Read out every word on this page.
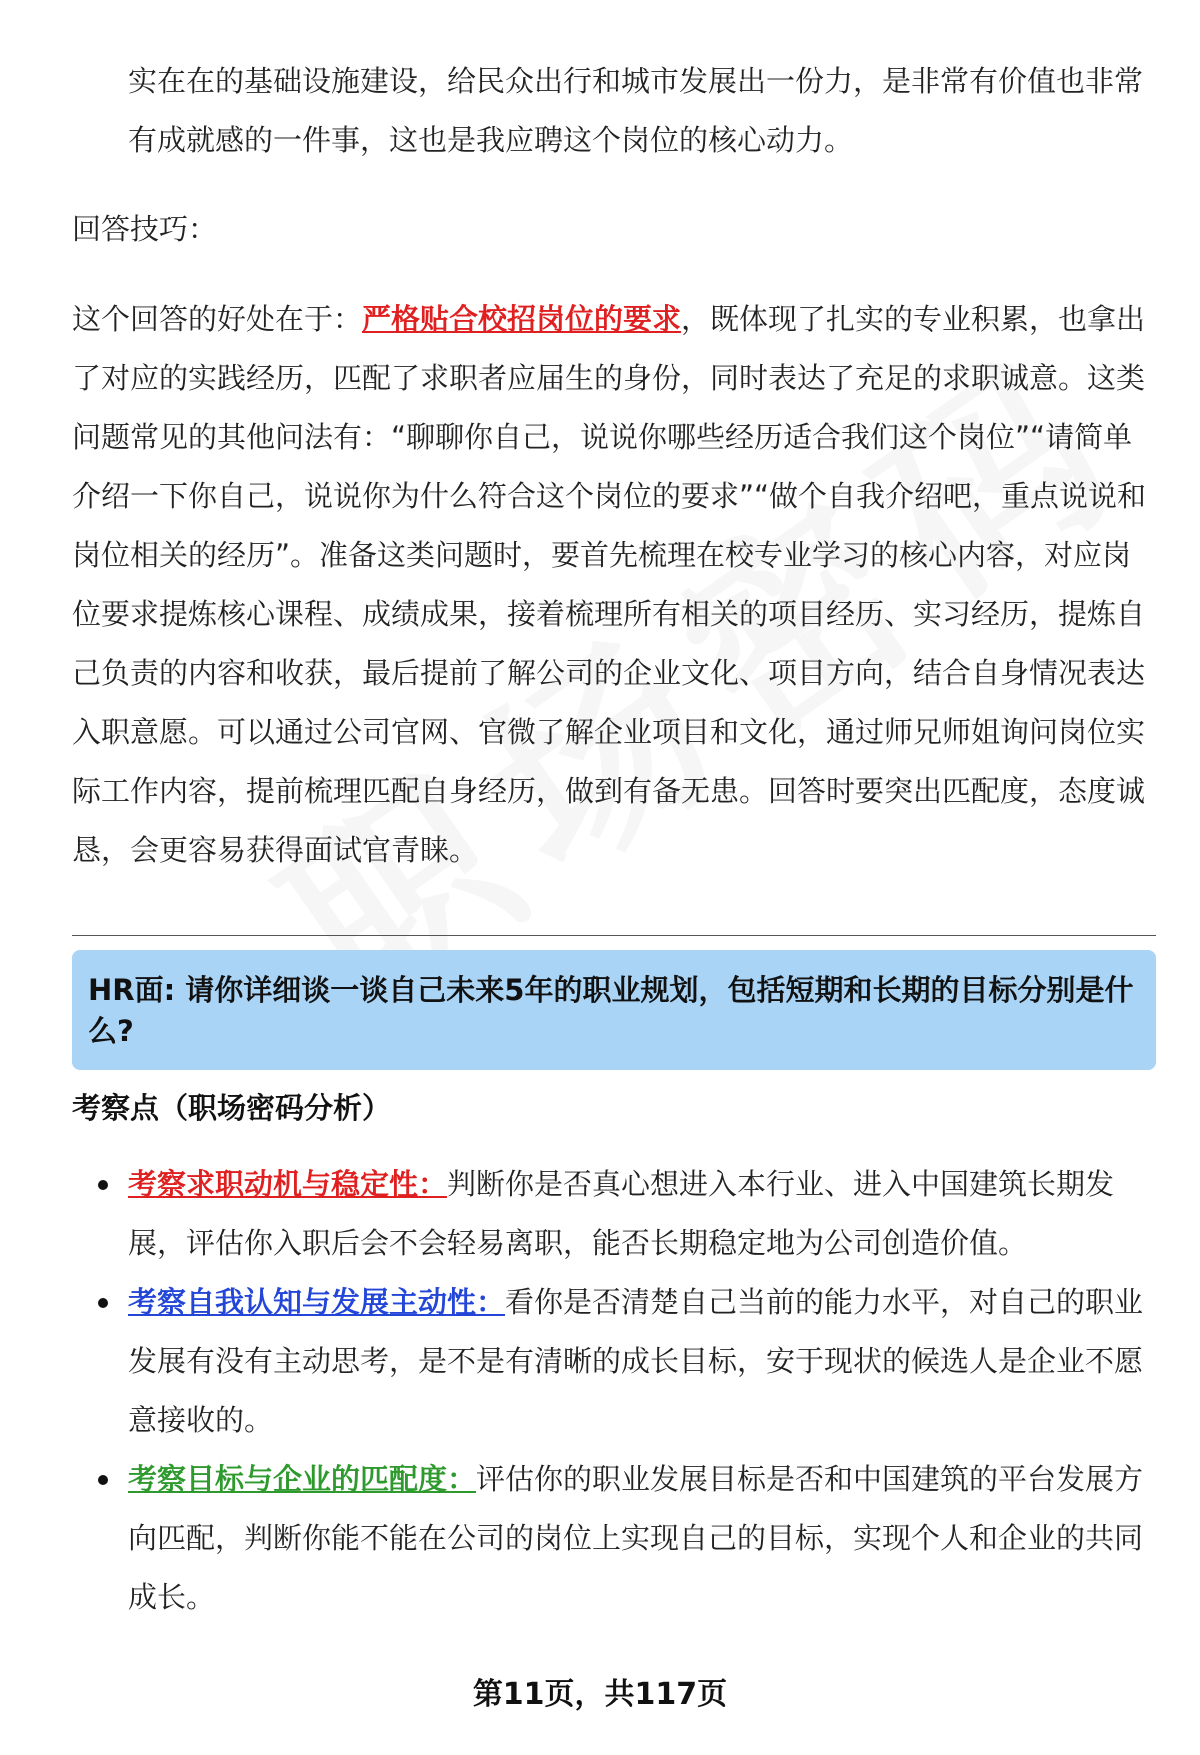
实在在的基础设施建设，给民众出行和城市发展出一份力，是非常有价值也非常有成就感的一件事，这也是我应聘这个岗位的核心动力。

回答技巧：

这个回答的好处在于：严格贴合校招岗位的要求，既体现了扎实的专业积累，也拿出了对应的实践经历，匹配了求职者应届生的身份，同时表达了充足的求职诚意。这类问题常见的其他问法有：“聊聊你自己，说说你哪些经历适合我们这个岗位”“请简单介绍一下你自己，说说你为什么符合这个岗位的要求”“做个自我介绍吧，重点说说和岗位相关的经历”。准备这类问题时，要首先梳理在校专业学习的核心内容，对应岗位要求提炼核心课程、成绩成果，接着梳理所有相关的项目经历、实习经历，提炼自己负责的内容和收获，最后提前了解公司的企业文化、项目方向，结合自身情况表达入职意愿。可以通过公司官网、官微了解企业项目和文化，通过师兄师姐询问岗位实际工作内容，提前梳理匹配自身经历，做到有备无患。回答时要突出匹配度，态度诚恳，会更容易获得面试官青睐。

HR面: 请你详细谈一谈自己未来5年的职业规划，包括短期和长期的目标分别是什么?

考察点（职场密码分析）

考察求职动机与稳定性：判断你是否真心想进入本行业、进入中国建筑长期发展，评估你入职后会不会轻易离职，能否长期稳定地为公司创造价值。
考察自我认知与发展主动性：看你是否清楚自己当前的能力水平，对自己的职业发展有没有主动思考，是不是有清晰的成长目标，安于现状的候选人是企业不愿意接收的。
考察目标与企业的匹配度：评估你的职业发展目标是否和中国建筑的平台发展方向匹配，判断你能不能在公司的岗位上实现自己的目标，实现个人和企业的共同成长。
第11页，共117页
